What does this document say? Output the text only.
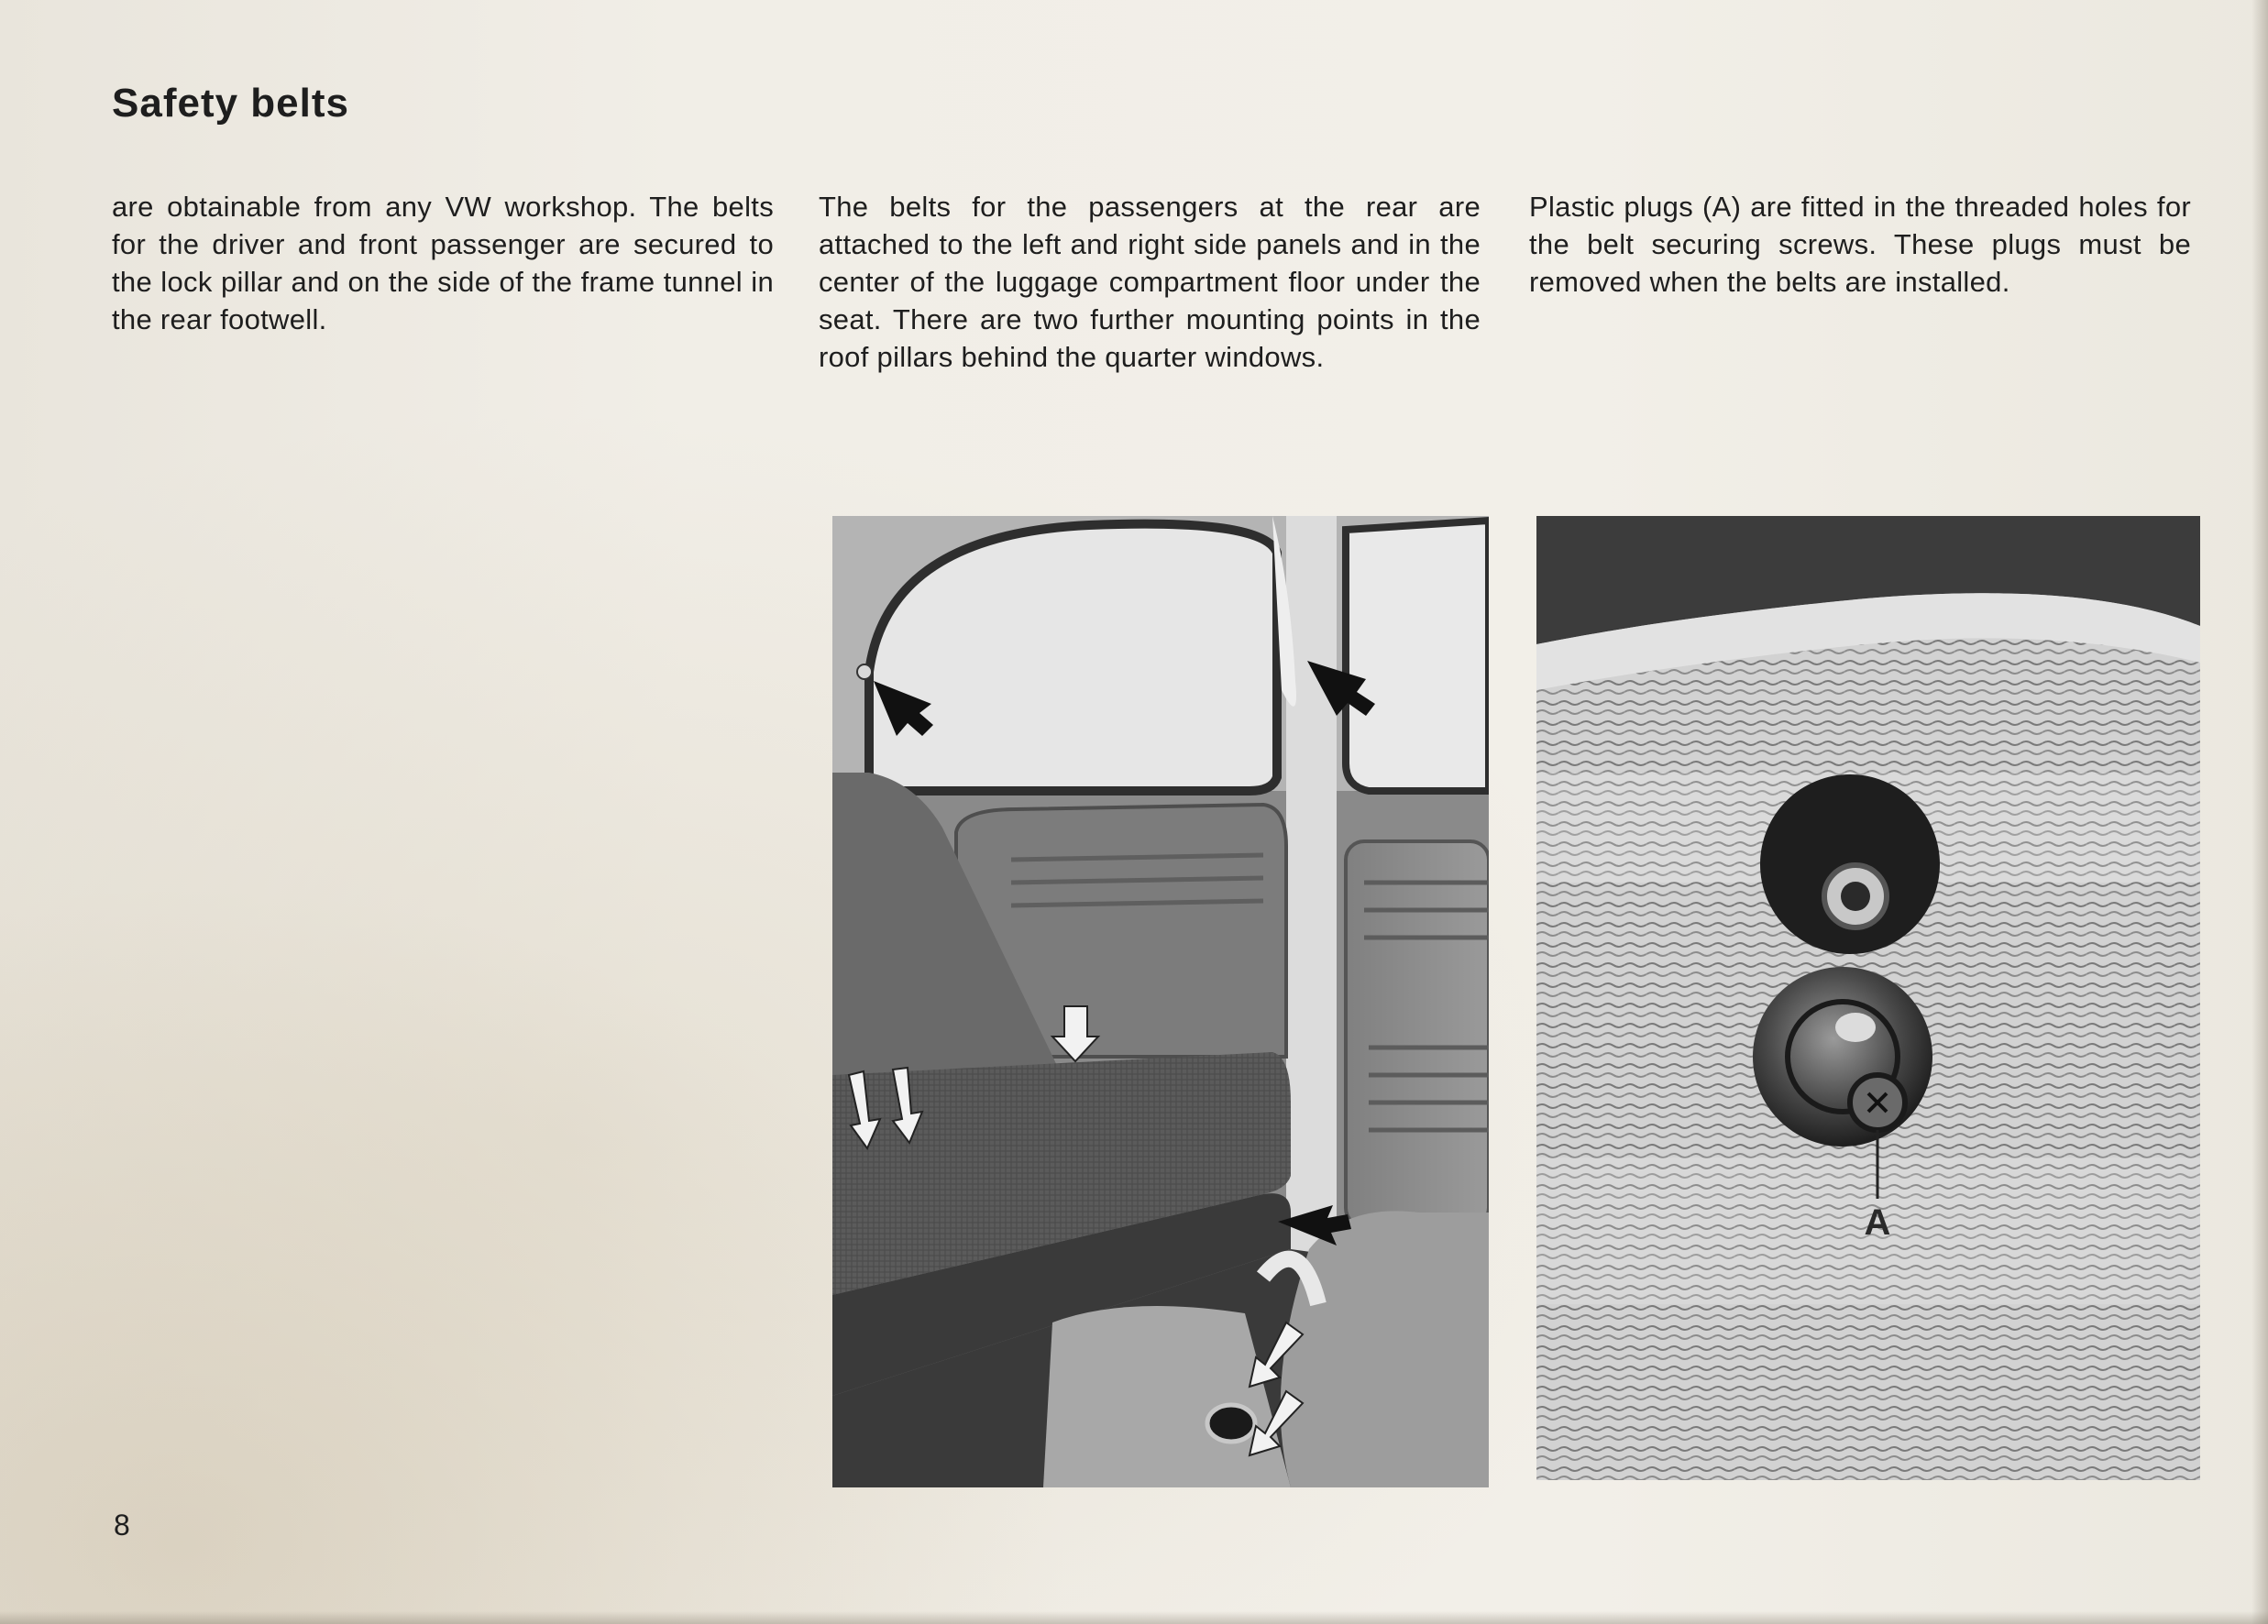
Safety belts

are obtainable from any VW workshop. The belts for the driver and front passenger are secured to the lock pillar and on the side of the frame tunnel in the rear footwell.

The belts for the passengers at the rear are attached to the left and right side panels and in the center of the luggage compartment floor under the seat. There are two further mounting points in the roof pillars behind the quarter windows.

Plastic plugs (A) are fitted in the threaded holes for the belt securing screws. These plugs must be removed when the belts are installed.

A
8
